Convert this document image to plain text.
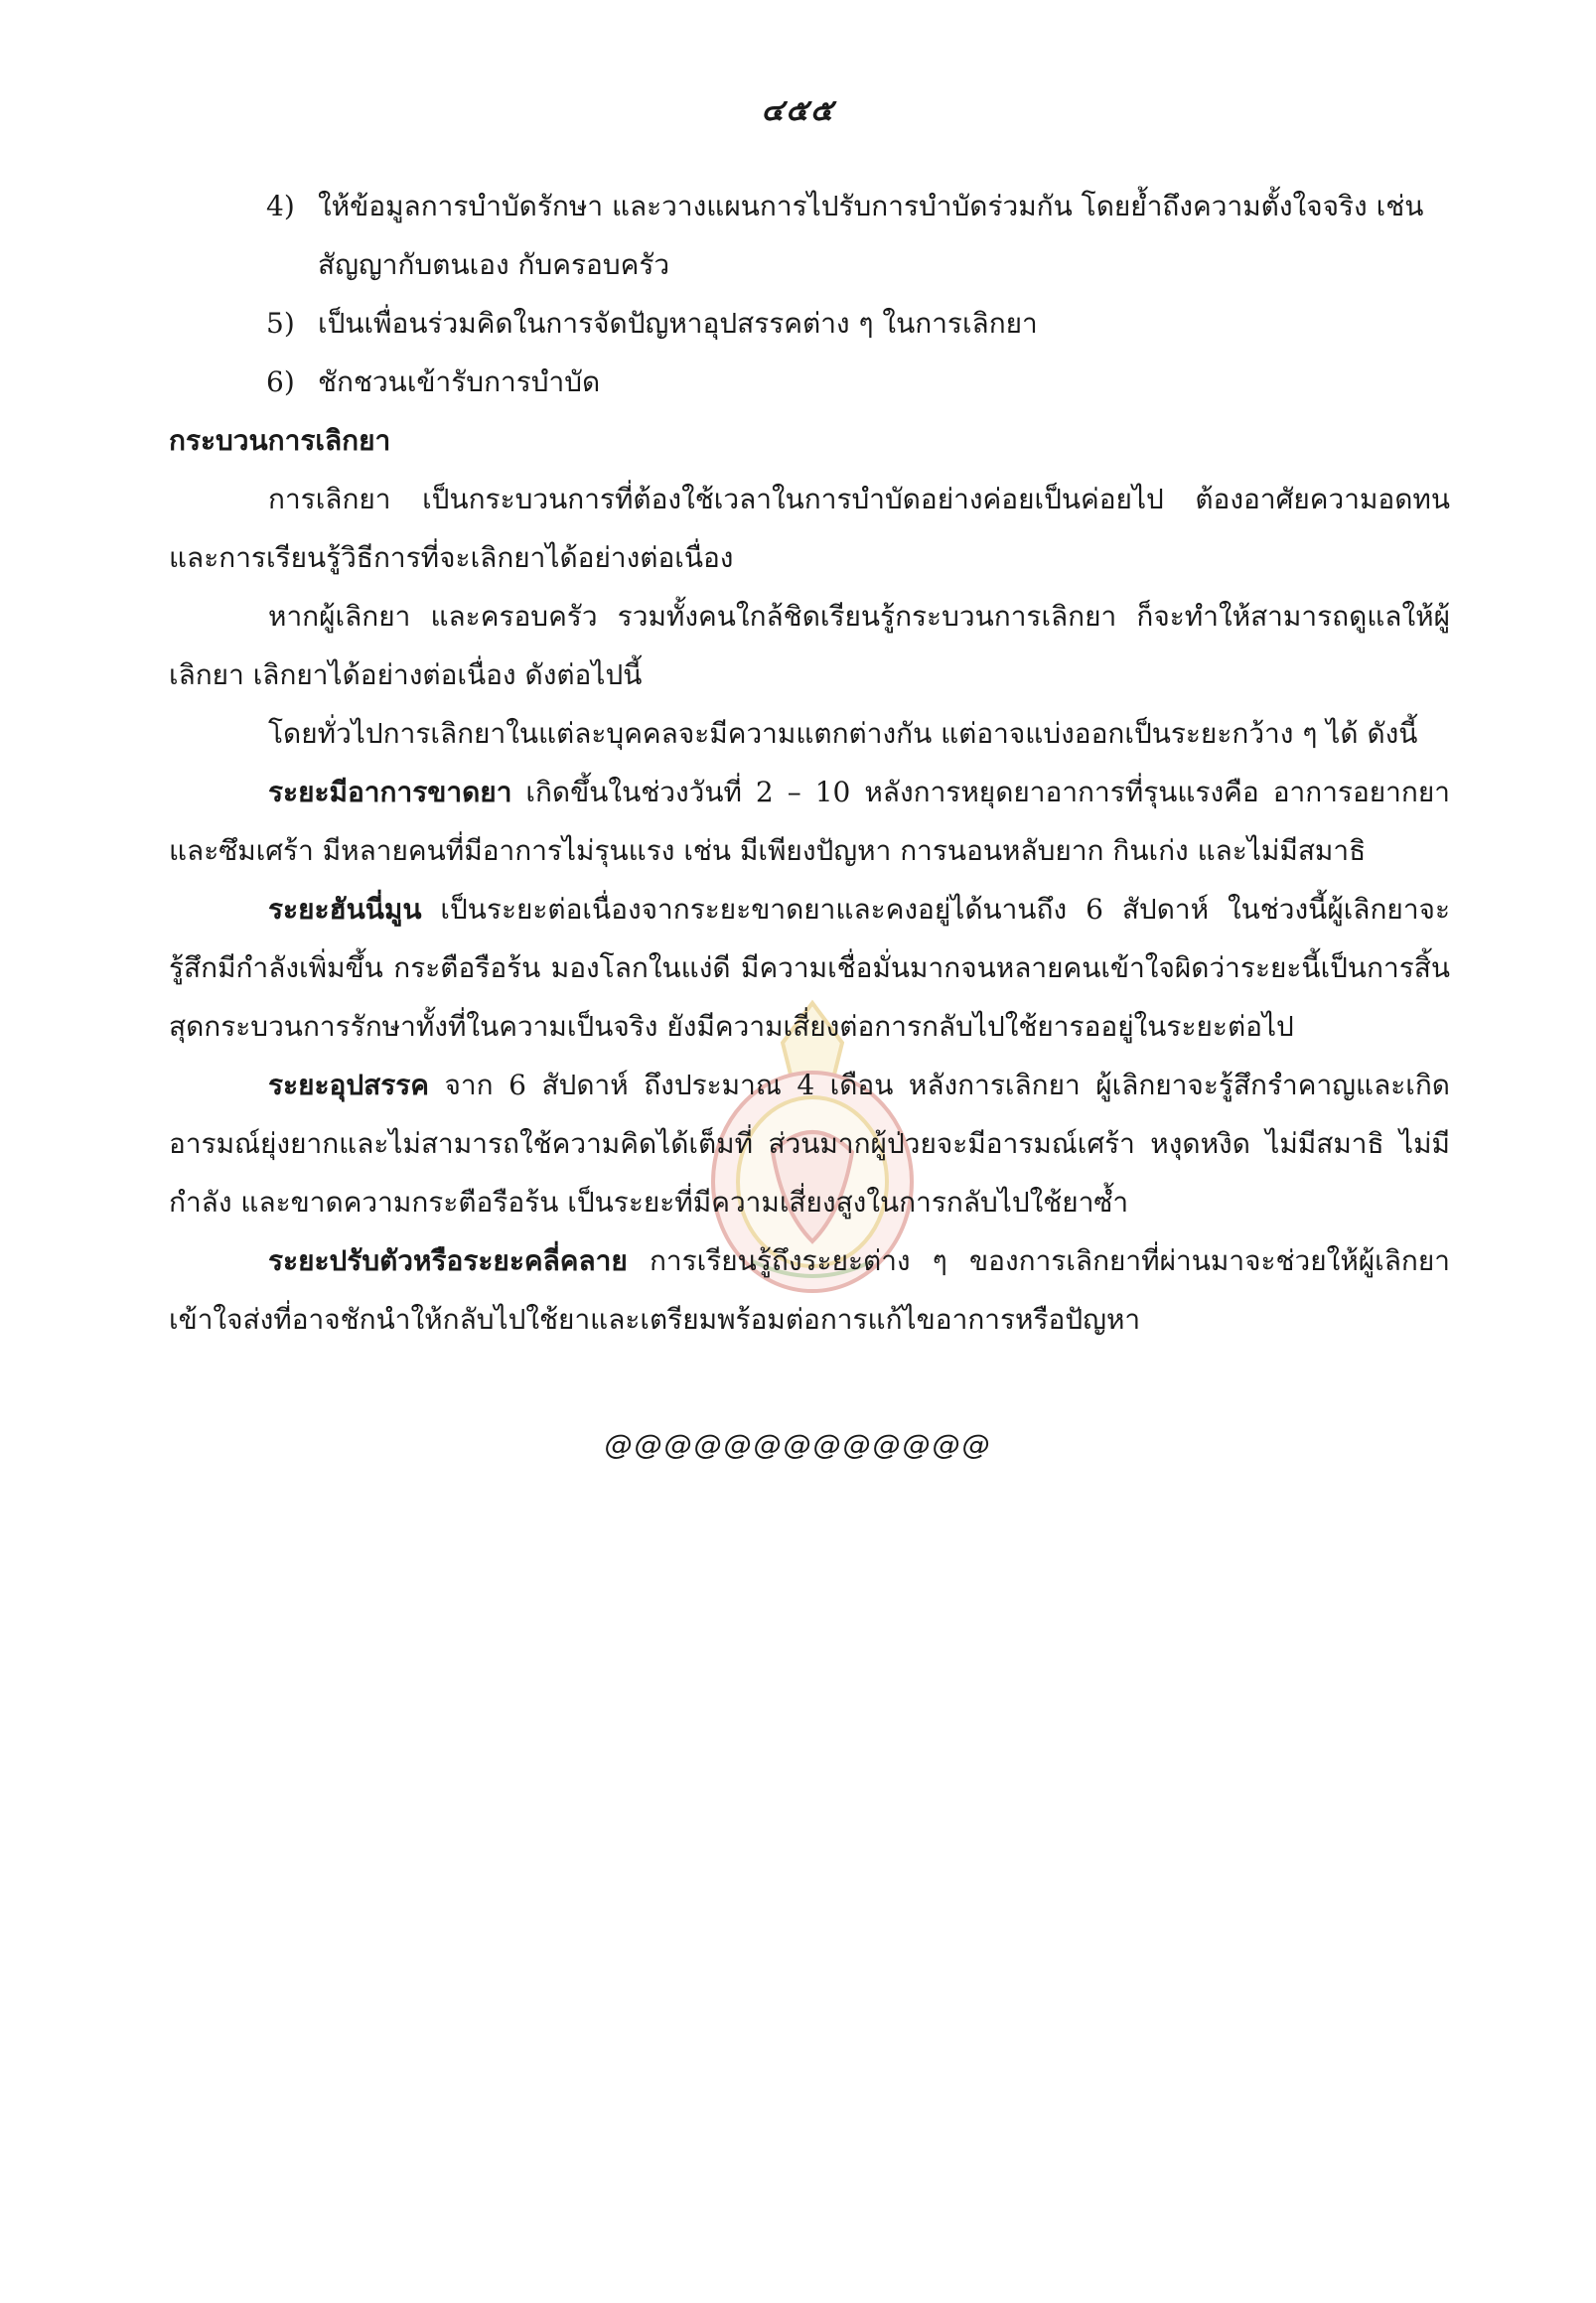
๔๕๕
4) ให้ข้อมูลการบำบัดรักษา และวางแผนการไปรับการบำบัดร่วมกัน โดยย้ำถึงความตั้งใจจริง เช่น สัญญากับตนเอง กับครอบครัว
5) เป็นเพื่อนร่วมคิดในการจัดปัญหาอุปสรรคต่าง ๆ ในการเลิกยา
6) ชักชวนเข้ารับการบำบัด
กระบวนการเลิกยา

การเลิกยา เป็นกระบวนการที่ต้องใช้เวลาในการบำบัดอย่างค่อยเป็นค่อยไป ต้องอาศัยความอดทน และการเรียนรู้วิธีการที่จะเลิกยาได้อย่างต่อเนื่อง

หากผู้เลิกยา และครอบครัว รวมทั้งคนใกล้ชิดเรียนรู้กระบวนการเลิกยา ก็จะทำให้สามารถดูแลให้ผู้เลิกยา เลิกยาได้อย่างต่อเนื่อง ดังต่อไปนี้

โดยทั่วไปการเลิกยาในแต่ละบุคคลจะมีความแตกต่างกัน แต่อาจแบ่งออกเป็นระยะกว้าง ๆ ได้ ดังนี้

ระยะมีอาการขาดยา เกิดขึ้นในช่วงวันที่ 2 – 10 หลังการหยุดยาอาการที่รุนแรงคือ อาการอยากยาและซึมเศร้า มีหลายคนที่มีอาการไม่รุนแรง เช่น มีเพียงปัญหา การนอนหลับยาก กินเก่ง และไม่มีสมาธิ

ระยะฮันนี่มูน เป็นระยะต่อเนื่องจากระยะขาดยาและคงอยู่ได้นานถึง 6 สัปดาห์ ในช่วงนี้ผู้เลิกยาจะรู้สึกมีกำลังเพิ่มขึ้น กระตือรือร้น มองโลกในแง่ดี มีความเชื่อมั่นมากจนหลายคนเข้าใจผิดว่าระยะนี้เป็นการสิ้นสุดกระบวนการรักษาทั้งที่ในความเป็นจริง ยังมีความเสี่ยงต่อการกลับไปใช้ยารออยู่ในระยะต่อไป

ระยะอุปสรรค จาก 6 สัปดาห์ ถึงประมาณ 4 เดือน หลังการเลิกยา ผู้เลิกยาจะรู้สึกรำคาญและเกิดอารมณ์ยุ่งยากและไม่สามารถใช้ความคิดได้เต็มที่ ส่วนมากผู้ป่วยจะมีอารมณ์เศร้า หงุดหงิด ไม่มีสมาธิ ไม่มีกำลัง และขาดความกระตือรือร้น เป็นระยะที่มีความเสี่ยงสูงในการกลับไปใช้ยาซ้ำ

ระยะปรับตัวหรือระยะคลี่คลาย การเรียนรู้ถึงระยะต่าง ๆ ของการเลิกยาที่ผ่านมาจะช่วยให้ผู้เลิกยาเข้าใจส่งที่อาจชักนำให้กลับไปใช้ยาและเตรียมพร้อมต่อการแก้ไขอาการหรือปัญหา

@@@@@@@@@@@@@
